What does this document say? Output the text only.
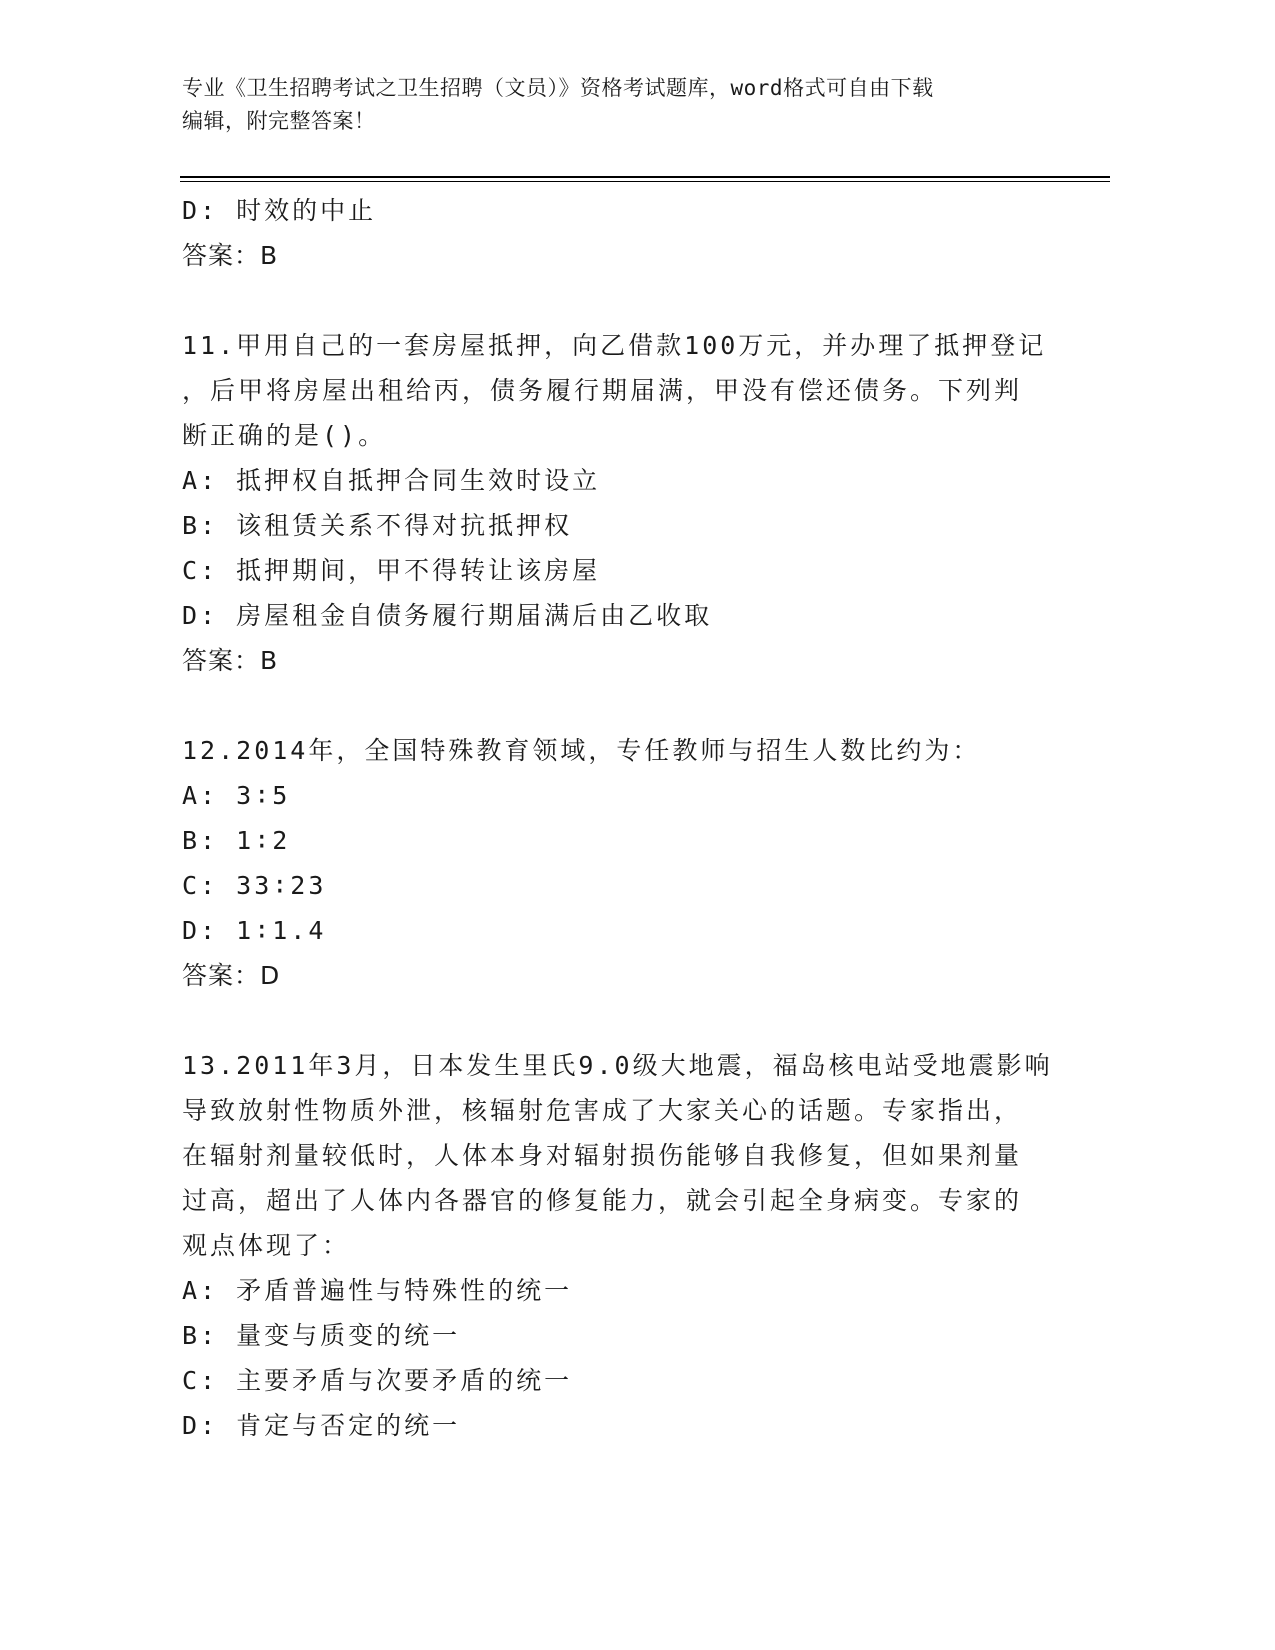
专业《卫生招聘考试之卫生招聘（文员）》资格考试题库，word格式可自由下载
编辑，附完整答案！
D: 时效的中止
答案：B
11.甲用自己的一套房屋抵押，向乙借款100万元，并办理了抵押登记
，后甲将房屋出租给丙，债务履行期届满，甲没有偿还债务。下列判
断正确的是()。
A: 抵押权自抵押合同生效时设立
B: 该租赁关系不得对抗抵押权
C: 抵押期间，甲不得转让该房屋
D: 房屋租金自债务履行期届满后由乙收取
答案：B
12.2014年，全国特殊教育领域，专任教师与招生人数比约为：
A: 3∶5
B: 1∶2
C: 33∶23
D: 1∶1.4
答案：D
13.2011年3月，日本发生里氏9.0级大地震，福岛核电站受地震影响
导致放射性物质外泄，核辐射危害成了大家关心的话题。专家指出，
在辐射剂量较低时，人体本身对辐射损伤能够自我修复，但如果剂量
过高，超出了人体内各器官的修复能力，就会引起全身病变。专家的
观点体现了：
A: 矛盾普遍性与特殊性的统一
B: 量变与质变的统一
C: 主要矛盾与次要矛盾的统一
D: 肯定与否定的统一
